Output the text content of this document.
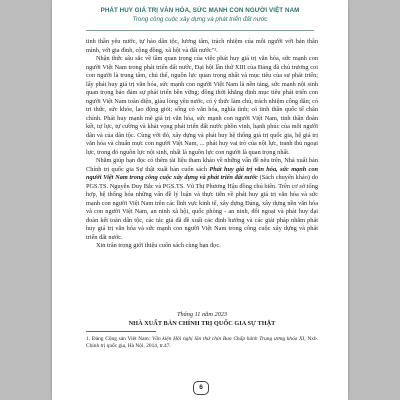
PHÁT HUY GIÁ TRỊ VĂN HÓA, SỨC MẠNH CON NGƯỜI VIỆT NAM
Trong công cuộc xây dựng và phát triển đất nước

tinh thần yêu nước, tự hào dân tộc, lương tâm, trách nhiệm của mỗi người với bản thân mình, với gia đình, cộng đồng, xã hội và đất nước"¹.

Nhận thức sâu sắc về tầm quan trọng của việc phát huy giá trị văn hóa, sức mạnh con người Việt Nam trong phát triển đất nước, Đại hội lần thứ XIII của Đảng đã chủ trương coi con người là trung tâm, chủ thể, nguồn lực quan trọng nhất và mục tiêu của sự phát triển; lấy phát huy giá trị văn hóa, sức mạnh con người Việt Nam là nền tảng, sức mạnh nội sinh quan trọng bảo đảm sự phát triển bền vững; đồng thời khẳng định mục tiêu phát triển con người Việt Nam toàn diện, giàu lòng yêu nước, có ý thức làm chủ, trách nhiệm công dân; có tri thức, sức khỏe, lao động giỏi; sống có văn hóa, nghĩa tình; có tinh thần quốc tế chân chính. Phát huy mạnh mẽ giá trị văn hóa, sức mạnh con người Việt Nam, tinh thần đoàn kết, tự lực, tự cường và khát vọng phát triển đất nước phồn vinh, hạnh phúc của mỗi người dân và của dân tộc. Cùng với đó, xây dựng và phát huy hệ thống giá trị quốc gia, hệ giá trị văn hóa và chuẩn mực con người Việt Nam, ... phát huy vai trò của nội lực, tranh thủ ngoại lực, trong đó nguồn lực nội sinh, nhất là nguồn lực con người là quan trọng nhất.

Nhằm giúp bạn đọc có thêm tài liệu tham khảo về những vấn đề nêu trên, Nhà xuất bản Chính trị quốc gia Sự thật xuất bản cuốn sách Phát huy giá trị văn hóa, sức mạnh con người Việt Nam trong công cuộc xây dựng và phát triển đất nước (Sách chuyên khảo) do PGS.TS. Nguyễn Duy Bắc và PGS.TS. Vũ Thị Phương Hậu đồng chủ biên. Trên cơ sở tổng hợp, hệ thống hóa những vấn đề lý luận và thực tiễn về phát huy giá trị văn hóa và sức mạnh con người Việt Nam trên các lĩnh vực kinh tế, xây dựng Đảng, xây dựng nền văn hóa và con người Việt Nam, an ninh xã hội, quốc phòng - an ninh, đối ngoại và phát huy đại đoàn kết toàn dân tộc, các tác giả đã đề xuất các định hướng và các giải pháp nhằm phát huy giá trị văn hóa và sức mạnh con người Việt Nam trong công cuộc xây dựng và phát triển đất nước.

Xin trân trọng giới thiệu cuốn sách cùng bạn đọc.

Tháng 11 năm 2023
NHÀ XUẤT BẢN CHÍNH TRỊ QUỐC GIA SỰ THẬT
1. Đảng Cộng sản Việt Nam: Văn kiện Hội nghị lần thứ chín Ban Chấp hành Trung ương khóa XI, Nxb. Chính trị quốc gia, Hà Nội, 2014, tr.47.
6
